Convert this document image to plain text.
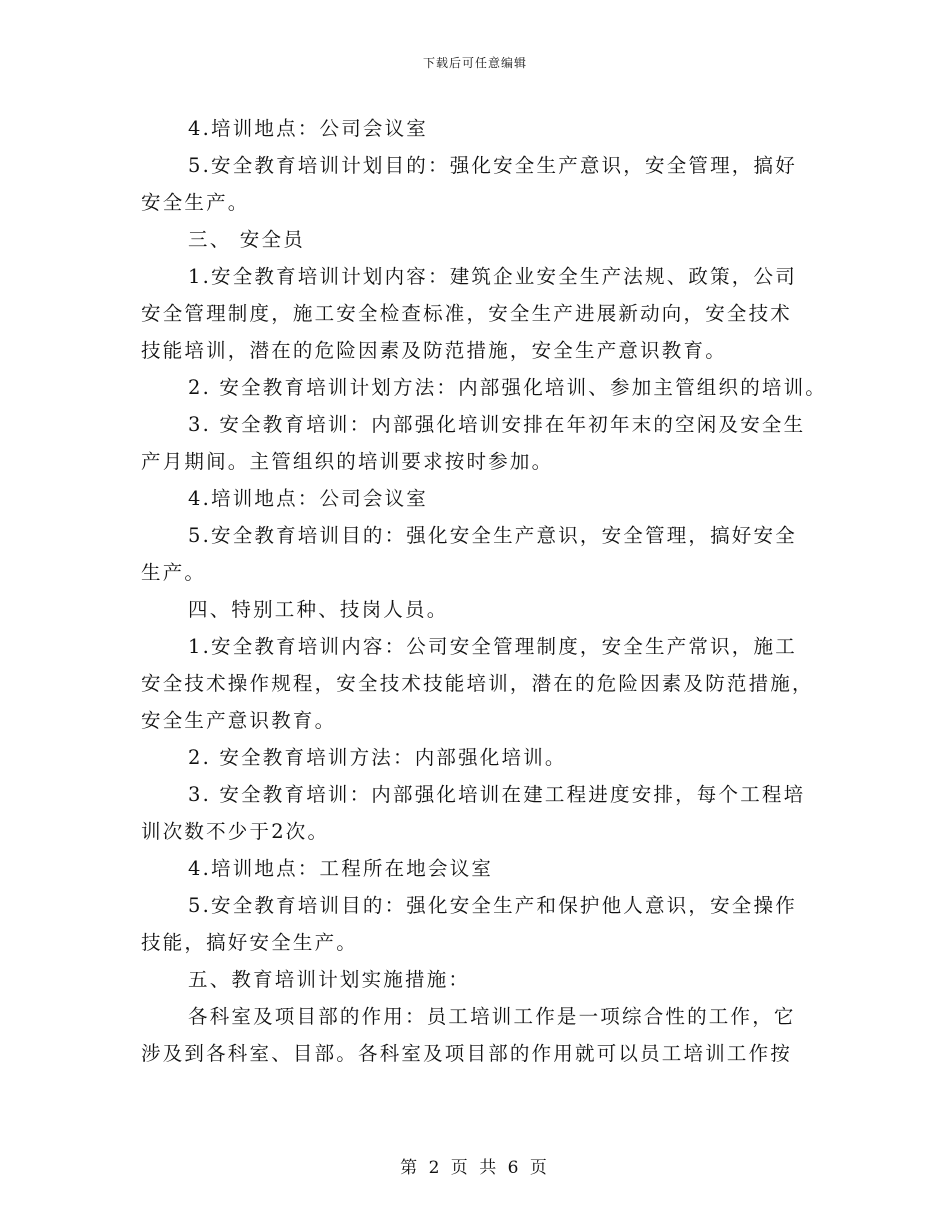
下载后可任意编辑
4.培训地点：公司会议室
5.安全教育培训计划目的：强化安全生产意识，安全管理，搞好
安全生产。
三、 安全员
1.安全教育培训计划内容：建筑企业安全生产法规、政策，公司
安全管理制度，施工安全检查标准，安全生产进展新动向，安全技术
技能培训，潜在的危险因素及防范措施，安全生产意识教育。
2. 安全教育培训计划方法：内部强化培训、参加主管组织的培训。
3. 安全教育培训：内部强化培训安排在年初年末的空闲及安全生
产月期间。主管组织的培训要求按时参加。
4.培训地点：公司会议室
5.安全教育培训目的：强化安全生产意识，安全管理，搞好安全
生产。
四、特别工种、技岗人员。
1.安全教育培训内容：公司安全管理制度，安全生产常识，施工
安全技术操作规程，安全技术技能培训，潜在的危险因素及防范措施，
安全生产意识教育。
2. 安全教育培训方法：内部强化培训。
3. 安全教育培训：内部强化培训在建工程进度安排，每个工程培
训次数不少于2次。
4.培训地点：工程所在地会议室
5.安全教育培训目的：强化安全生产和保护他人意识，安全操作
技能，搞好安全生产。
五、教育培训计划实施措施：
各科室及项目部的作用：员工培训工作是一项综合性的工作，它
涉及到各科室、目部。各科室及项目部的作用就可以员工培训工作按
第 2 页 共 6 页
